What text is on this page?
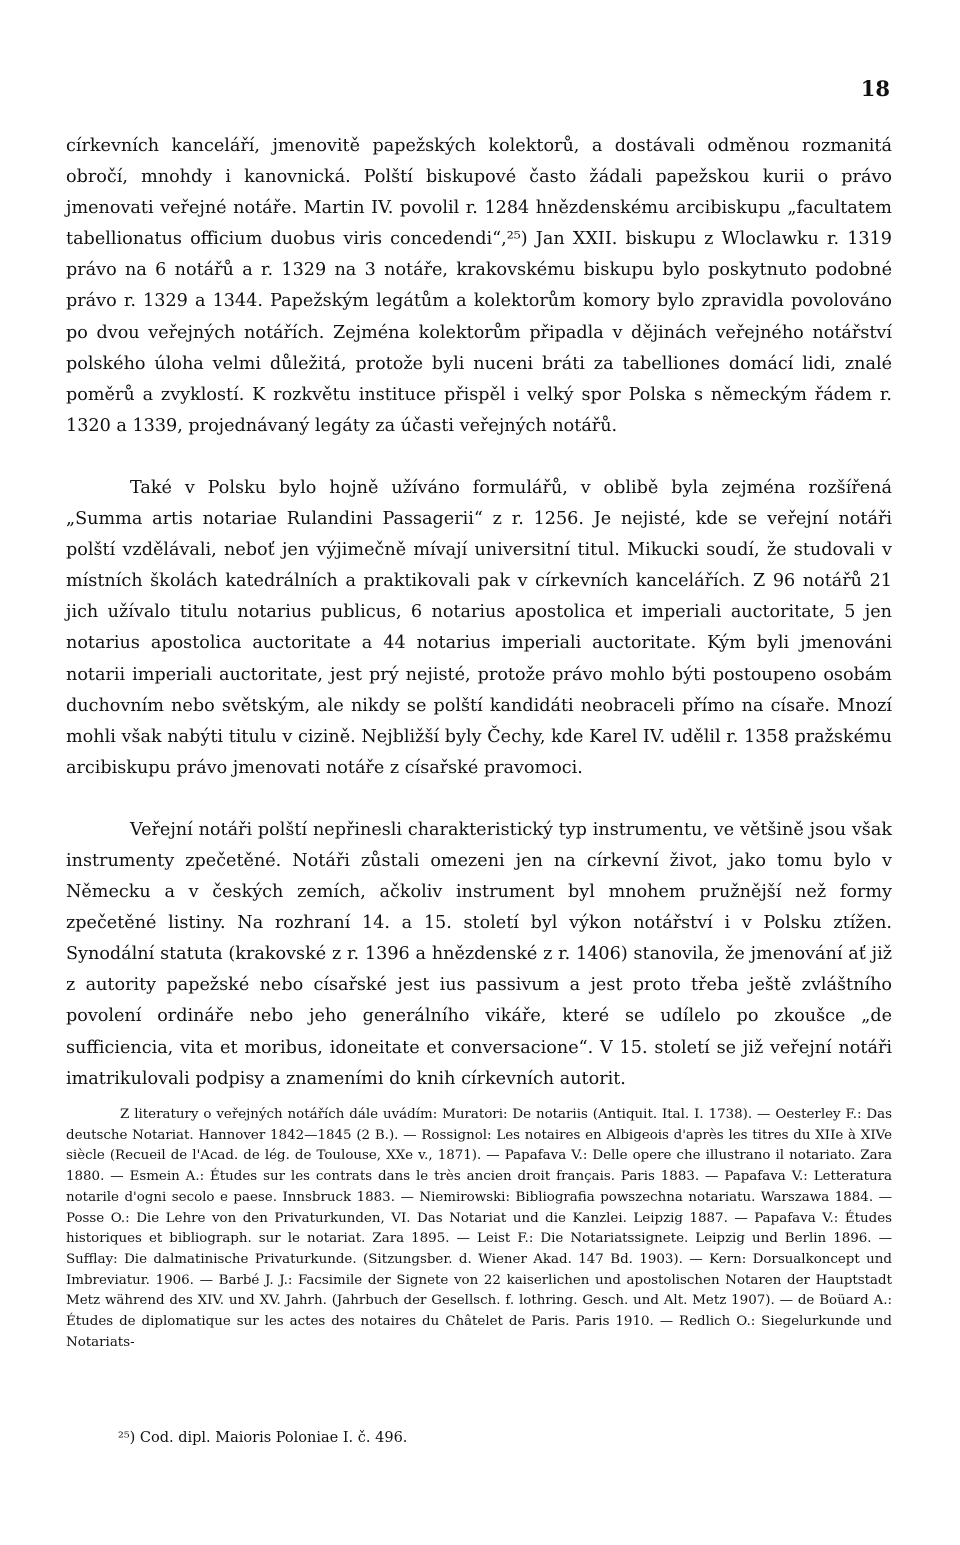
18

církevních kanceláří, jmenovitě papežských kolektorů, a dostávali odměnou rozmanitá obročí, mnohdy i kanovnická. Polští biskupové často žádali papežskou kurii o právo jmenovati veřejné notáře. Martin IV. povolil r. 1284 hnězdenskému arcibiskupu „facultatem tabellionatus officium duobus viris concedendi“,²⁵) Jan XXII. biskupu z Wloclawku r. 1319 právo na 6 notářů a r. 1329 na 3 notáře, krakovskému biskupu bylo poskytnuto podobné právo r. 1329 a 1344. Papežským legátům a kolektorům komory bylo zpravidla povolováno po dvou veřejných notářích. Zejména kolektorům připadla v dějinách veřejného notářství polského úloha velmi důležitá, protože byli nuceni bráti za tabelliones domácí lidi, znalé poměrů a zvyklostí. K rozkvětu instituce přispěl i velký spor Polska s německým řádem r. 1320 a 1339, projednávaný legáty za účasti veřejných notářů.

Také v Polsku bylo hojně užíváno formulářů, v oblibě byla zejména rozšířená „Summa artis notariae Rulandini Passagerii“ z r. 1256. Je nejisté, kde se veřejní notáři polští vzdělávali, neboť jen výjimečně mívají universitní titul. Mikucki soudí, že studovali v místních školách katedrálních a praktikovali pak v církevních kancelářích. Z 96 notářů 21 jich užívalo titulu notarius publicus, 6 notarius apostolica et imperiali auctoritate, 5 jen notarius apostolica auctoritate a 44 notarius imperiali auctoritate. Kým byli jmenováni notarii imperiali auctoritate, jest prý nejisté, protože právo mohlo býti postoupeno osobám duchovním nebo světským, ale nikdy se polští kandidáti neobraceli přímo na císaře. Mnozí mohli však nabýti titulu v cizině. Nejbližší byly Čechy, kde Karel IV. udělil r. 1358 pražskému arcibiskupu právo jmenovati notáře z císařské pravomoci.

Veřejní notáři polští nepřinesli charakteristický typ instrumentu, ve většině jsou však instrumenty zpečetěné. Notáři zůstali omezeni jen na církevní život, jako tomu bylo v Německu a v českých zemích, ačkoliv instrument byl mnohem pružnější než formy zpečetěné listiny. Na rozhraní 14. a 15. století byl výkon notářství i v Polsku ztížen. Synodální statuta (krakovské z r. 1396 a hnězdenské z r. 1406) stanovila, že jmenování ať již z autority papežské nebo císařské jest ius passivum a jest proto třeba ještě zvláštního povolení ordináře nebo jeho generálního vikáře, které se udílelo po zkoušce „de sufficiencia, vita et moribus, idoneitate et conversacione“. V 15. století se již veřejní notáři imatrikulovali podpisy a znameními do knih církevních autorit.

Z literatury o veřejných notářích dále uvádím: Muratori: De notariis (Antiquit. Ital. I. 1738). — Oesterley F.: Das deutsche Notariat. Hannover 1842—1845 (2 B.). — Rossignol: Les notaires en Albigeois d'après les titres du XIIe à XIVe siècle (Recueil de l'Acad. de lég. de Toulouse, XXe v., 1871). — Papafava V.: Delle opere che illustrano il notariato. Zara 1880. — Esmein A.: Études sur les contrats dans le très ancien droit français. Paris 1883. — Papafava V.: Letteratura notarile d'ogni secolo e paese. Innsbruck 1883. — Niemirowski: Bibliografia powszechna notariatu. Warszawa 1884. — Posse O.: Die Lehre von den Privaturkunden, VI. Das Notariat und die Kanzlei. Leipzig 1887. — Papafava V.: Études historiques et bibliograph. sur le notariat. Zara 1895. — Leist F.: Die Notariatssignete. Leipzig und Berlin 1896. — Sufflay: Die dalmatinische Privaturkunde. (Sitzungsber. d. Wiener Akad. 147 Bd. 1903). — Kern: Dorsualkoncept und Imbreviatur. 1906. — Barbé J. J.: Facsimile der Signete von 22 kaiserlichen und apostolischen Notaren der Hauptstadt Metz während des XIV. und XV. Jahrh. (Jahrbuch der Gesellsch. f. lothring. Gesch. und Alt. Metz 1907). — de Boüard A.: Études de diplomatique sur les actes des notaires du Châtelet de Paris. Paris 1910. — Redlich O.: Siegelurkunde und Notariats-

²⁵) Cod. dipl. Maioris Poloniae I. č. 496.
